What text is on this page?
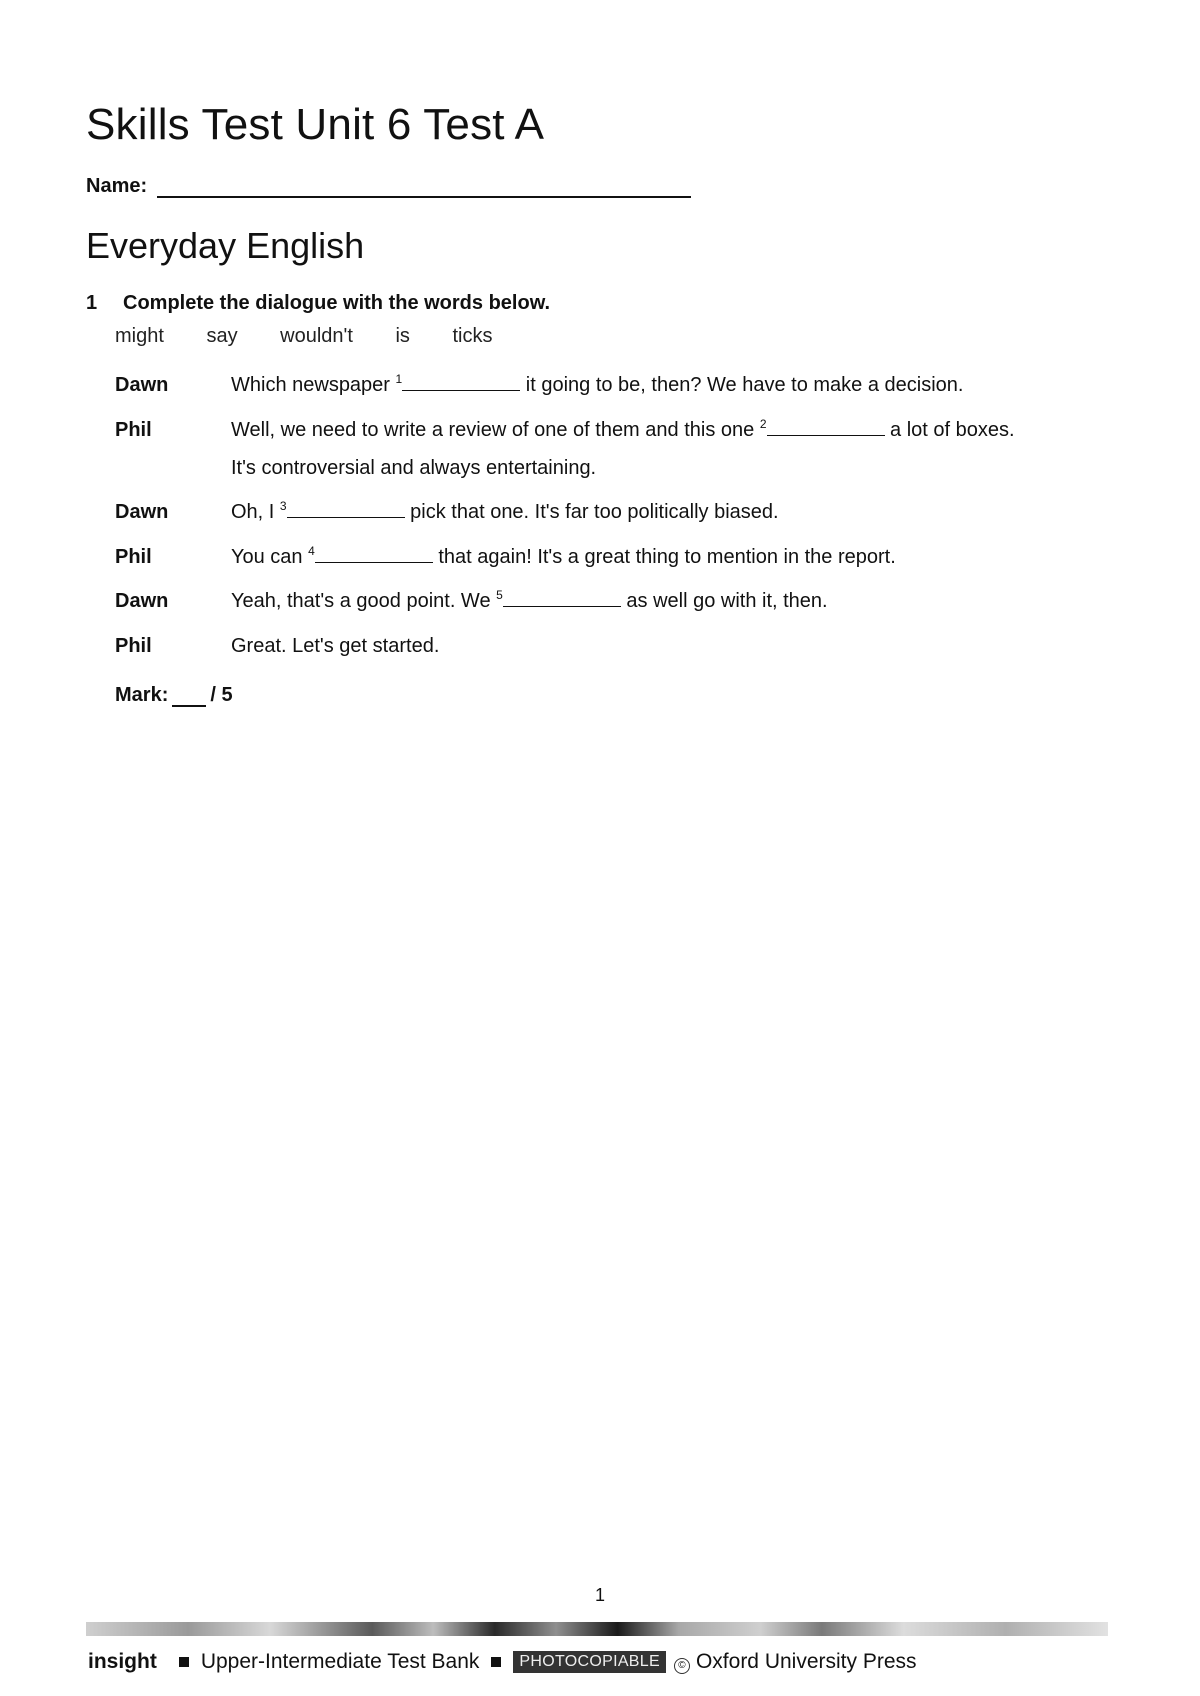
Skills Test Unit 6 Test A
Name:
Everyday English
1 Complete the dialogue with the words below.
might say wouldn't is ticks
Dawn	Which newspaper $^1$	it going to be, then? We have to make a decision.
Phil	Well, we need to write a review of one of them and this one $^2$	a lot of boxes.
It's controversial and always entertaining.
Dawn	Oh, I $^3$	pick that one. It's far too politically biased.
Phil	You can $^4$	that again! It's a great thing to mention in the report.
Dawn	Yeah, that's a good point. We $^5$	as well go with it, then.
Phil	Great. Let's get started.
Mark: / 5
1
insight Upper-Intermediate Test Bank	PHOTOCOPIABLE	© Oxford University Press
